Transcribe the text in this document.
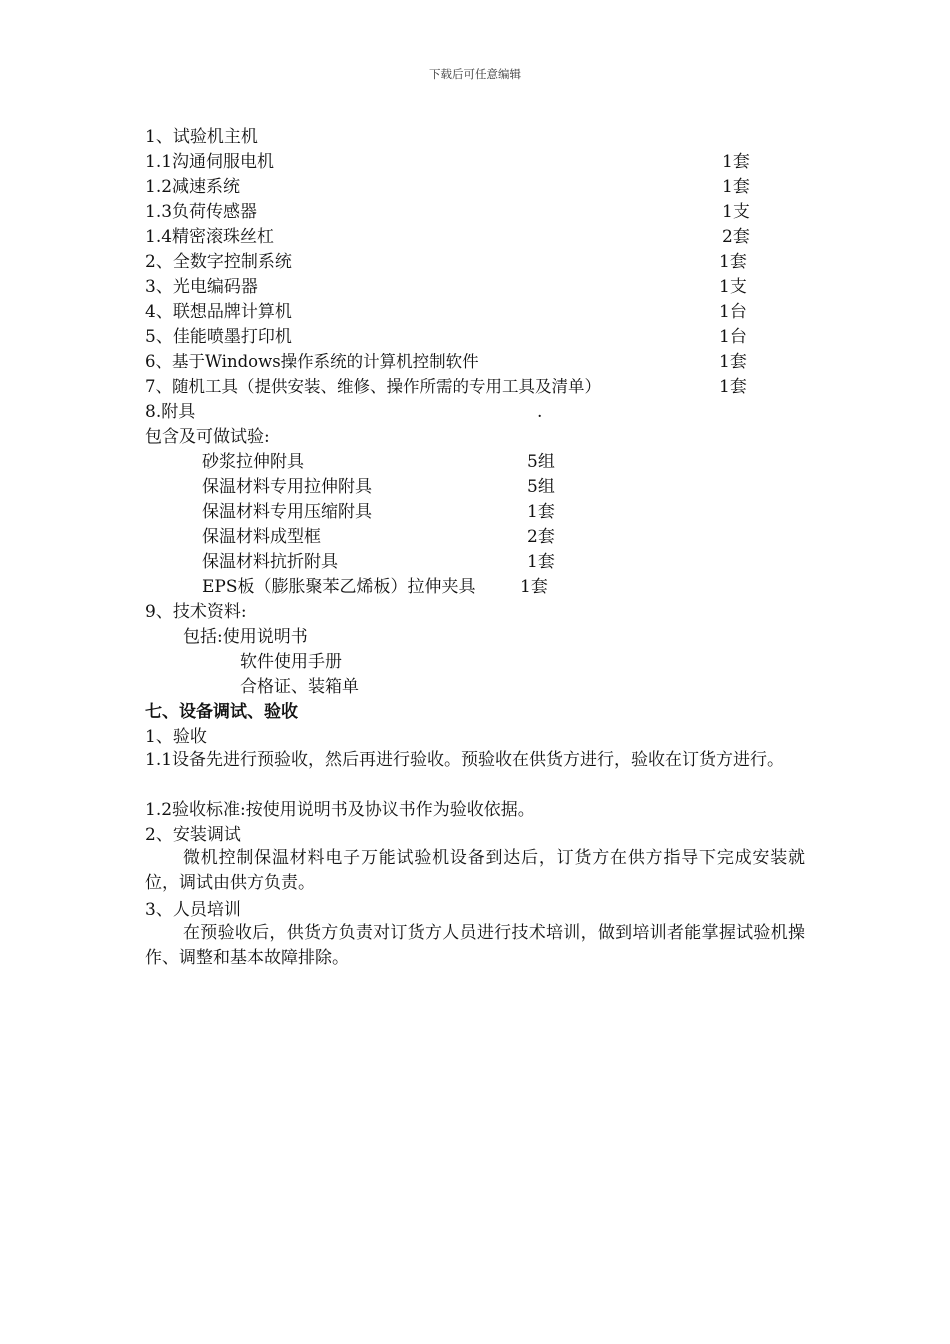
下载后可任意编辑
1、试验机主机
1.1沟通伺服电机	1套
1.2减速系统	1套
1.3负荷传感器	1支
1.4精密滚珠丝杠	2套
2、全数字控制系统	1套
3、光电编码器	1支
4、联想品牌计算机	1台
5、佳能喷墨打印机	1台
6、基于Windows操作系统的计算机控制软件	1套
7、随机工具（提供安装、维修、操作所需的专用工具及清单）	1套
8.附具	.
包含及可做试验:
砂浆拉伸附具	5组
保温材料专用拉伸附具	5组
保温材料专用压缩附具	1套
保温材料成型框	2套
保温材料抗折附具	1套
EPS板（膨胀聚苯乙烯板）拉伸夹具	1套
9、技术资料:
包括:使用说明书
软件使用手册
合格证、装箱单
七、设备调试、验收
1、验收
1.1设备先进行预验收，然后再进行验收。预验收在供货方进行，验收在订货方进行。
1.2验收标准:按使用说明书及协议书作为验收依据。
2、安装调试
微机控制保温材料电子万能试验机设备到达后，订货方在供方指导下完成安装就位，调试由供方负责。
3、人员培训
在预验收后，供货方负责对订货方人员进行技术培训，做到培训者能掌握试验机操作、调整和基本故障排除。
